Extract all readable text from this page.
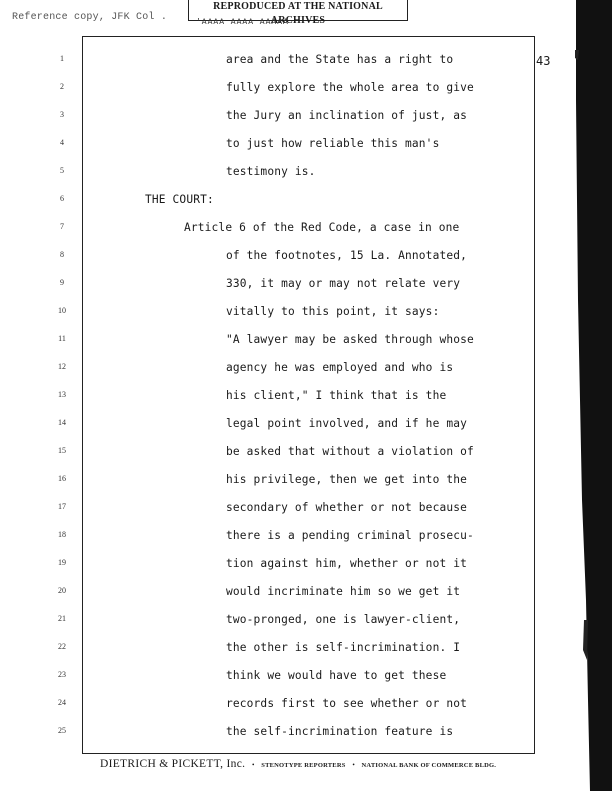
Reference copy, JFK Col .
REPRODUCED AT THE NATIONAL ARCHIVES
'AAAA AAAA AAAAA
43
1
2
3
4
5
6
7
8
9
10
11
12
13
14
15
16
17
18
19
20
21
22
23
24
25
area and the State has a right to
fully explore the whole area to give
the Jury an inclination of just, as
to just how reliable this man's
testimony is.
THE COURT:
Article 6 of the Red Code, a case in one
of the footnotes, 15 La. Annotated,
330, it may or may not relate very
vitally to this point, it says:
"A lawyer may be asked through whose
agency he was employed and who is
his client," I think that is the
legal point involved, and if he may
be asked that without a violation of
his privilege, then we get into the
secondary of whether or not because
there is a pending criminal prosecu-
tion against him, whether or not it
would incriminate him so we get it
two-pronged, one is lawyer-client,
the other is self-incrimination. I
think we would have to get these
records first to see whether or not
the self-incrimination feature is
DIETRICH & PICKETT, Inc. • STENOTYPE REPORTERS • NATIONAL BANK OF COMMERCE BLDG.
